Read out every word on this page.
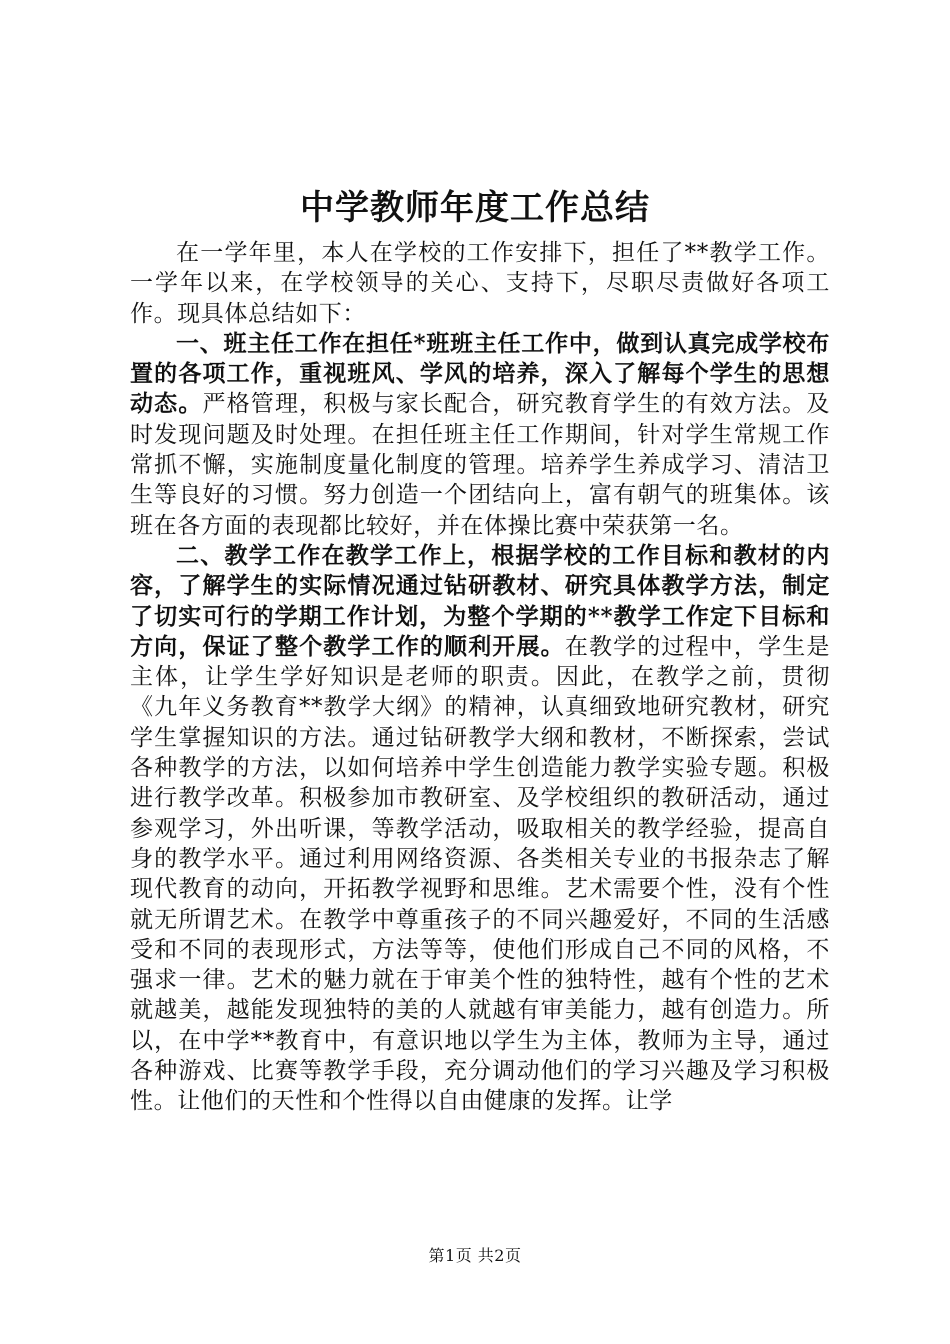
中学教师年度工作总结

在一学年里，本人在学校的工作安排下，担任了**教学工作。一学年以来，在学校领导的关心、支持下，尽职尽责做好各项工作。现具体总结如下：

一、班主任工作在担任*班班主任工作中，做到认真完成学校布置的各项工作，重视班风、学风的培养，深入了解每个学生的思想动态。严格管理，积极与家长配合，研究教育学生的有效方法。及时发现问题及时处理。在担任班主任工作期间，针对学生常规工作常抓不懈，实施制度量化制度的管理。培养学生养成学习、清洁卫生等良好的习惯。努力创造一个团结向上，富有朝气的班集体。该班在各方面的表现都比较好，并在体操比赛中荣获第一名。

二、教学工作在教学工作上，根据学校的工作目标和教材的内容，了解学生的实际情况通过钻研教材、研究具体教学方法，制定了切实可行的学期工作计划，为整个学期的**教学工作定下目标和方向，保证了整个教学工作的顺利开展。在教学的过程中，学生是主体，让学生学好知识是老师的职责。因此，在教学之前，贯彻《九年义务教育**教学大纲》的精神，认真细致地研究教材，研究学生掌握知识的方法。通过钻研教学大纲和教材，不断探索，尝试各种教学的方法，以如何培养中学生创造能力教学实验专题。积极进行教学改革。积极参加市教研室、及学校组织的教研活动，通过参观学习，外出听课，等教学活动，吸取相关的教学经验，提高自身的教学水平。通过利用网络资源、各类相关专业的书报杂志了解现代教育的动向，开拓教学视野和思维。艺术需要个性，没有个性就无所谓艺术。在教学中尊重孩子的不同兴趣爱好，不同的生活感受和不同的表现形式，方法等等，使他们形成自己不同的风格，不强求一律。艺术的魅力就在于审美个性的独特性，越有个性的艺术就越美，越能发现独特的美的人就越有审美能力，越有创造力。所以，在中学**教育中，有意识地以学生为主体，教师为主导，通过各种游戏、比赛等教学手段，充分调动他们的学习兴趣及学习积极性。让他们的天性和个性得以自由健康的发挥。让学

第1页 共2页
